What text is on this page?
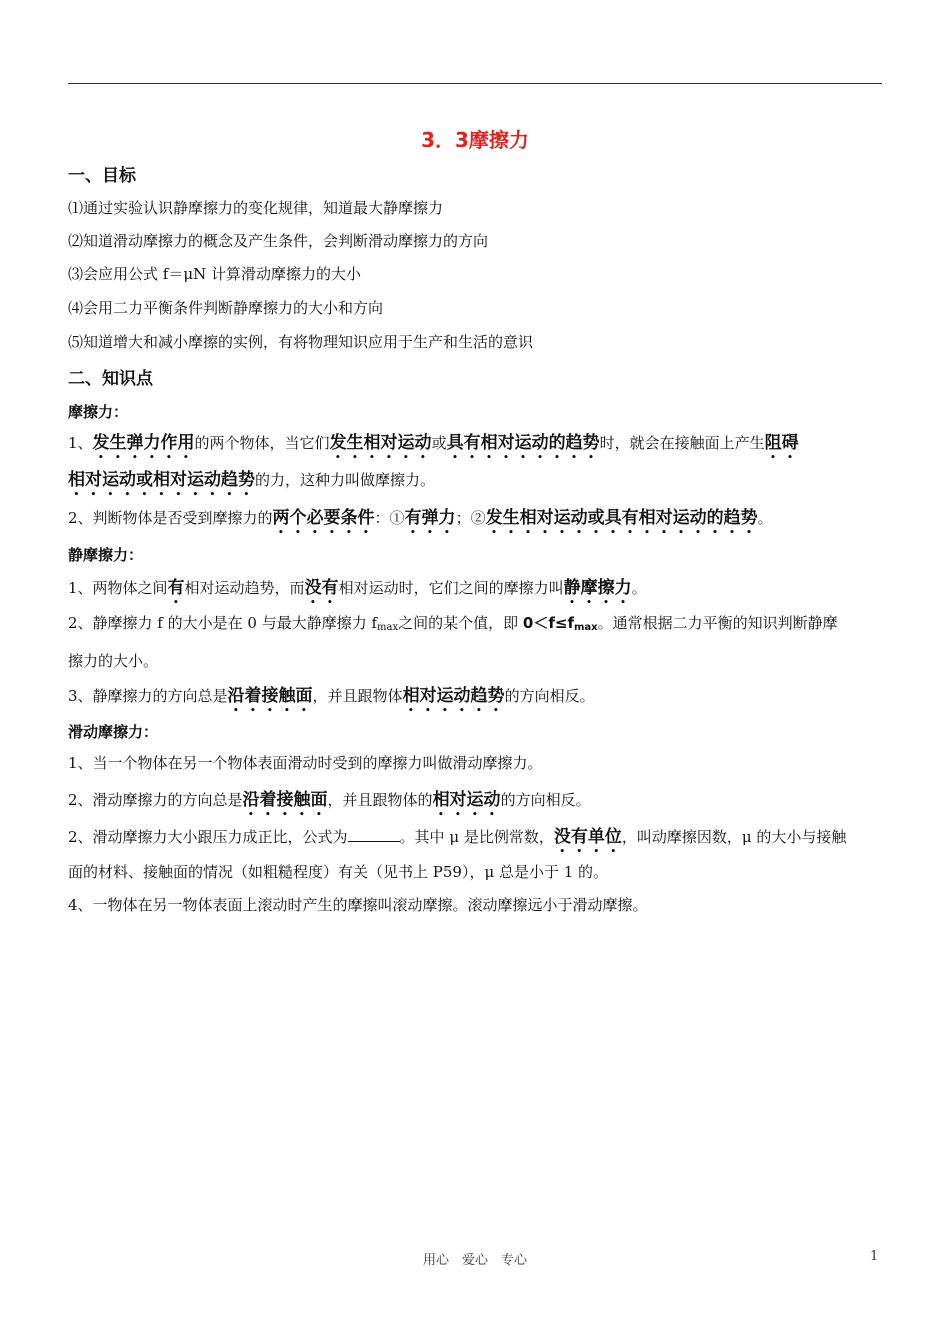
3．3摩擦力
一、目标
⑴通过实验认识静摩擦力的变化规律，知道最大静摩擦力
⑵知道滑动摩擦力的概念及产生条件，会判断滑动摩擦力的方向
⑶会应用公式 f＝μN 计算滑动摩擦力的大小
⑷会用二力平衡条件判断静摩擦力的大小和方向
⑸知道增大和减小摩擦的实例，有将物理知识应用于生产和生活的意识
二、知识点
摩擦力：
1、发生弹力作用的两个物体，当它们发生相对运动或具有相对运动的趋势时，就会在接触面上产生阻碍
相对运动或相对运动趋势的力，这种力叫做摩擦力。
2、判断物体是否受到摩擦力的两个必要条件：①有弹力；②发生相对运动或具有相对运动的趋势。
静摩擦力：
1、两物体之间有相对运动趋势，而没有相对运动时，它们之间的摩擦力叫静摩擦力。
2、静摩擦力 f 的大小是在 0 与最大静摩擦力 $f_{max}$之间的某个值，即 $0<f\le f_{max}$。通常根据二力平衡的知识判断静摩
擦力的大小。
3、静摩擦力的方向总是沿着接触面，并且跟物体相对运动趋势的方向相反。
滑动摩擦力：
1、当一个物体在另一个物体表面滑动时受到的摩擦力叫做滑动摩擦力。
2、滑动摩擦力的方向总是沿着接触面，并且跟物体的相对运动的方向相反。
2、滑动摩擦力大小跟压力成正比，公式为	。其中 μ 是比例常数，没有单位，叫动摩擦因数，μ 的大小与接触
面的材料、接触面的情况（如粗糙程度）有关（见书上 P59），μ 总是小于 1 的。
4、一物体在另一物体表面上滚动时产生的摩擦叫滚动摩擦。滚动摩擦远小于滑动摩擦。
用心　爱心　专心	1
